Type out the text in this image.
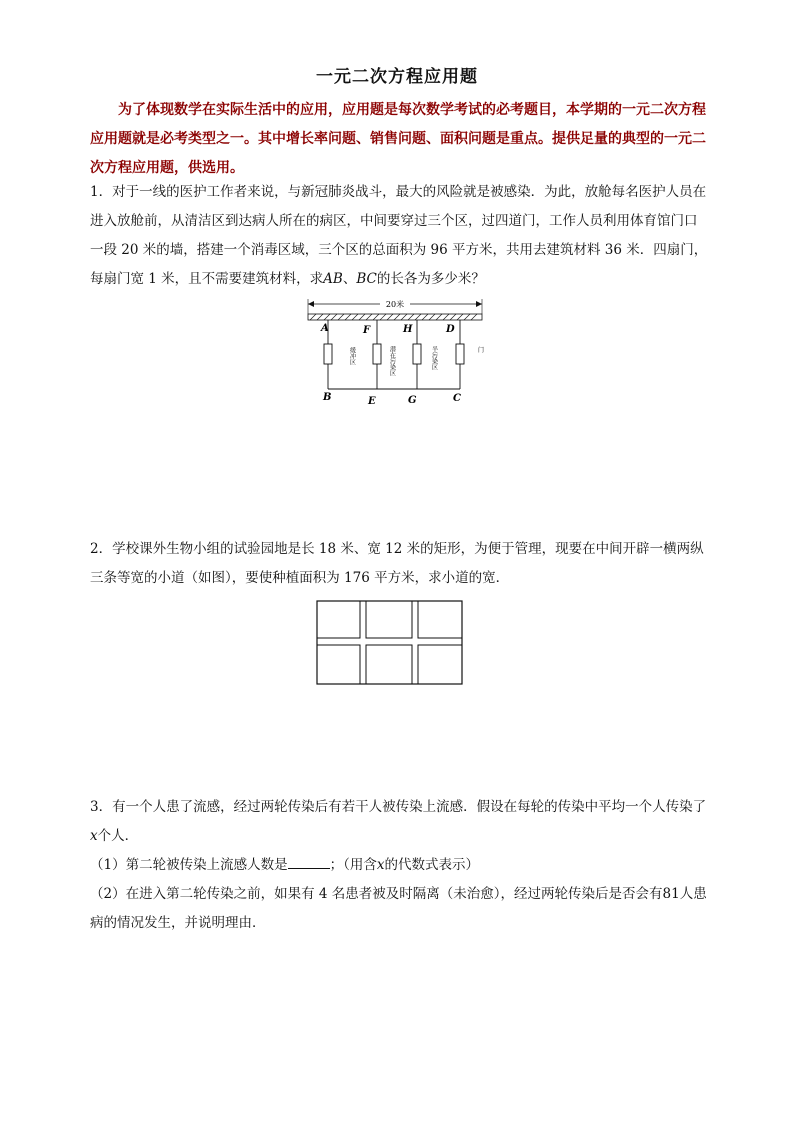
一元二次方程应用题
为了体现数学在实际生活中的应用，应用题是每次数学考试的必考题目，本学期的一元二次方程应用题就是必考类型之一。其中增长率问题、销售问题、面积问题是重点。提供足量的典型的一元二次方程应用题，供选用。
1．对于一线的医护工作者来说，与新冠肺炎战斗，最大的风险就是被感染．为此，放舱每名医护人员在进入放舱前，从清洁区到达病人所在的病区，中间要穿过三个区，过四道门，工作人员利用体育馆门口一段 20 米的墙，搭建一个消毒区域，三个区的总面积为 96 平方米，共用去建筑材料 36 米．四扇门，每扇门宽 1 米，且不需要建筑材料，求AB、BC的长各为多少米？
20米
A	F	H	D
B	E	G	C
缓冲区	潜在污染区	半污染区	门
2．学校课外生物小组的试验园地是长 18 米、宽 12 米的矩形，为便于管理，现要在中间开辟一横两纵三条等宽的小道（如图），要使种植面积为 176 平方米，求小道的宽．
3．有一个人患了流感，经过两轮传染后有若干人被传染上流感．假设在每轮的传染中平均一个人传染了x个人．
（1）第二轮被传染上流感人数是	；（用含x的代数式表示）
（2）在进入第二轮传染之前，如果有 4 名患者被及时隔离（未治愈），经过两轮传染后是否会有81人患病的情况发生，并说明理由．
